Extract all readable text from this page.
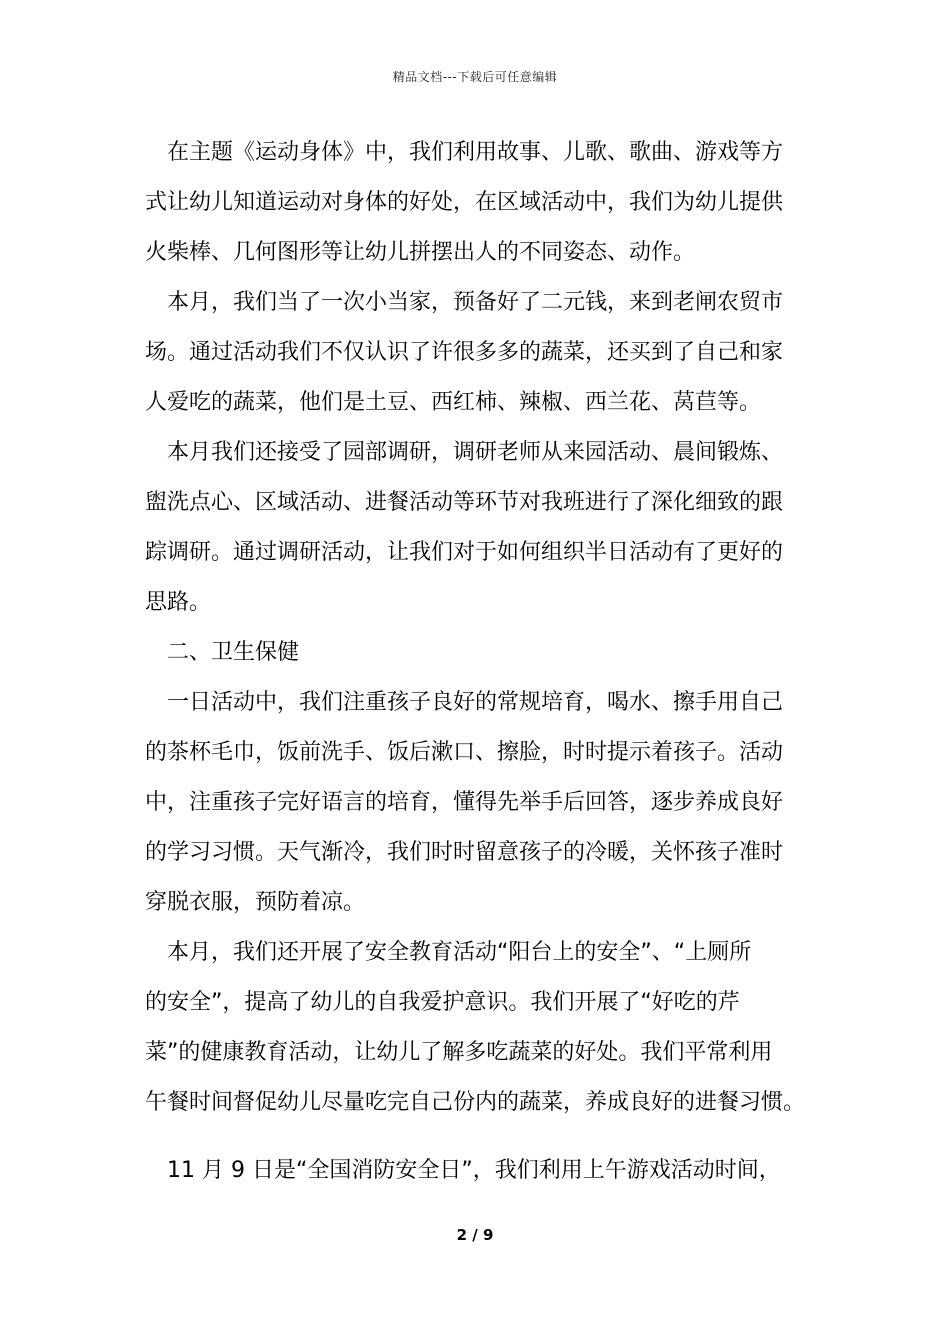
精品文档---下载后可任意编辑
在主题《运动身体》中，我们利用故事、儿歌、歌曲、游戏等方
式让幼儿知道运动对身体的好处，在区域活动中，我们为幼儿提供
火柴棒、几何图形等让幼儿拼摆出人的不同姿态、动作。
本月，我们当了一次小当家，预备好了二元钱，来到老闸农贸市
场。通过活动我们不仅认识了许很多多的蔬菜，还买到了自己和家
人爱吃的蔬菜，他们是土豆、西红柿、辣椒、西兰花、莴苣等。
本月我们还接受了园部调研，调研老师从来园活动、晨间锻炼、
盥洗点心、区域活动、进餐活动等环节对我班进行了深化细致的跟
踪调研。通过调研活动，让我们对于如何组织半日活动有了更好的
思路。
二、卫生保健
一日活动中，我们注重孩子良好的常规培育，喝水、擦手用自己
的茶杯毛巾，饭前洗手、饭后漱口、擦脸，时时提示着孩子。活动
中，注重孩子完好语言的培育，懂得先举手后回答，逐步养成良好
的学习习惯。天气渐冷，我们时时留意孩子的冷暖，关怀孩子准时
穿脱衣服，预防着凉。
本月，我们还开展了安全教育活动“阳台上的安全”、“上厕所
的安全”，提高了幼儿的自我爱护意识。我们开展了“好吃的芹
菜”的健康教育活动，让幼儿了解多吃蔬菜的好处。我们平常利用
午餐时间督促幼儿尽量吃完自己份内的蔬菜，养成良好的进餐习惯。
11 月 9 日是“全国消防安全日”，我们利用上午游戏活动时间，
2 / 9
